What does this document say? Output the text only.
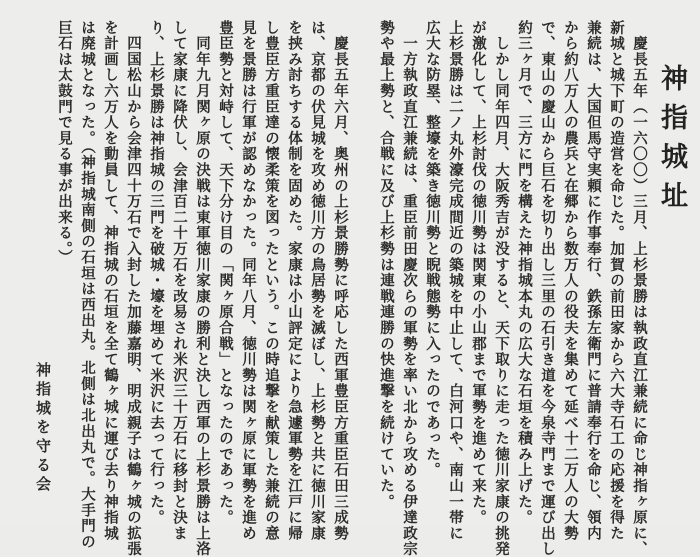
神指城址
　慶長五年（一六〇〇）三月、上杉景勝は執政直江兼続に命じ神指ヶ原に、
新城と城下町の造営を命じた。加賀の前田家から六大寺石工の応援を得た
兼続は、大国但馬守実頼に作事奉行、鉄孫左衛門に普請奉行を命じ、領内
から約八万人の農兵と在郷から数万人の役夫を集めて延べ十二万人の大勢
で、東山の慶山から巨石を切り出し三里の石引き道を今泉寺門まで運び出し
約三ヶ月で、三方に門を構えた神指城本丸の広大な石垣を積み上げた。
　しかし同年四月、大阪秀吉が没すると、天下取りに走った徳川家康の挑発
が激化して、上杉討伐の徳川勢は関東の小山郡まで軍勢を進めて来た。
上杉景勝は二ノ丸外濠完成間近の築城を中止して、白河口や、南山一帯に
広大な防塁、整壕を築き徳川勢と睨戦態勢に入ったのであった。
　一方執政直江兼続は、重臣前田慶次らの軍勢を率い北から攻める伊達政宗
勢や最上勢と、合戦に及び上杉勢は連戦連勝の快進撃を続けていた。
　慶長五年六月、奥州の上杉景勝勢に呼応した西軍豊臣方重臣石田三成勢
は、京都の伏見城を攻め徳川方の鳥居勢を滅ぼし、上杉勢と共に徳川家康
を挟み討ちする体制を固めた。家康は小山評定により急遽軍勢を江戸に帰
し豊臣方重臣達の懐柔策を図ったという。この時追撃を献策した兼続の意
見を景勝は行軍が認めなかった。同年八月、徳川勢は関ヶ原に軍勢を進め
豊臣勢と対峙して、天下分け目の「関ヶ原合戦」となったのであった。
　同年九月関ヶ原の決戦は東軍徳川家康の勝利と決し西軍の上杉景勝は上洛
して家康に降伏し、会津百二十万石を改易され米沢三十万石に移封と決ま
り、上杉景勝は神指城の三門を破城・壕を埋めて米沢に去って行った。
　四国松山から会津四十万石で入封した加藤嘉明、明成親子は鶴ヶ城の拡張
を計画し六万人を動員して、神指城の石垣を全て鶴ヶ城に運び去り神指城
は廃城となった。（神指城南側の石垣は西出丸。北側は北出丸で。大手門の
巨石は太鼓門で見る事が出来る。）
神指城を守る会
